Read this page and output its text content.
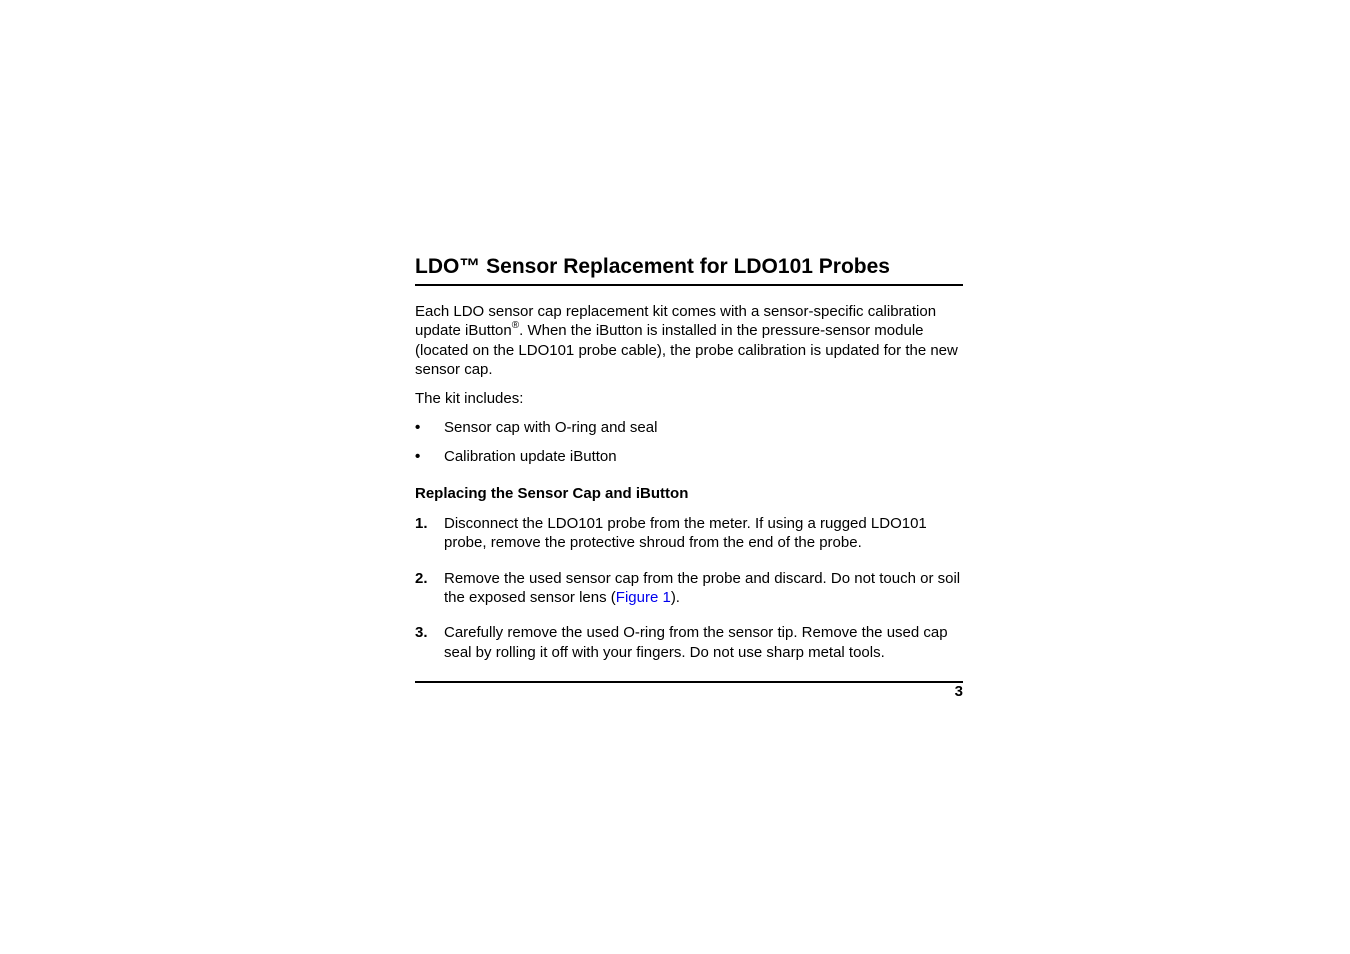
LDO™ Sensor Replacement for LDO101 Probes

Each LDO sensor cap replacement kit comes with a sensor-specific calibration update iButton®. When the iButton is installed in the pressure-sensor module (located on the LDO101 probe cable), the probe calibration is updated for the new sensor cap.

The kit includes:

• Sensor cap with O-ring and seal
• Calibration update iButton
Replacing the Sensor Cap and iButton
1. Disconnect the LDO101 probe from the meter. If using a rugged LDO101 probe, remove the protective shroud from the end of the probe.
2. Remove the used sensor cap from the probe and discard. Do not touch or soil the exposed sensor lens (Figure 1).
3. Carefully remove the used O-ring from the sensor tip. Remove the used cap seal by rolling it off with your fingers. Do not use sharp metal tools.
3
